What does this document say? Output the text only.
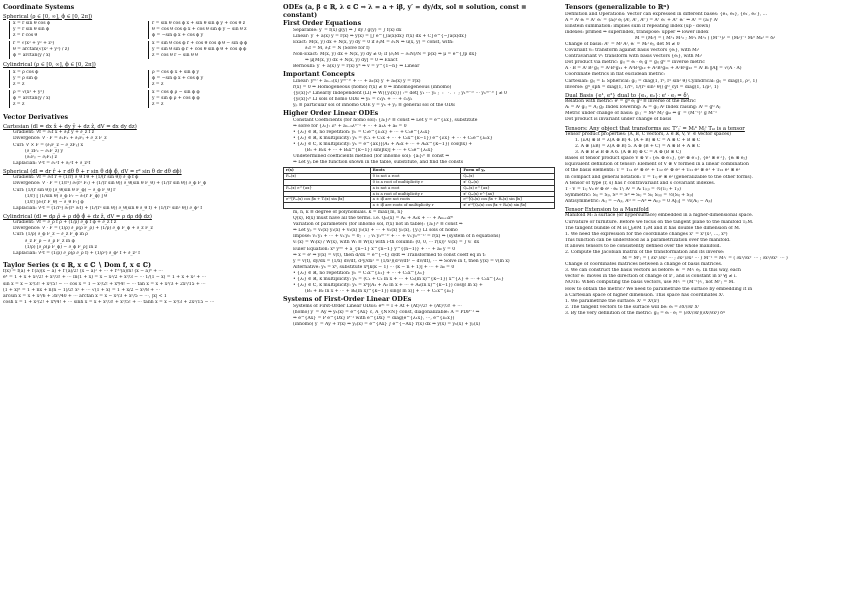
Coordinate Systems
Spherical (ρ ∈ [0, ∞], ϕ ∈ [0, 2π])
x = r sin θ cos ϕ
y = r sin θ sin ϕ
z = r cos θ
r̂ = sin θ cos ϕ x̂ + sin θ sin ϕ ŷ + cos θ ẑ
θ̂ = cos θ cos ϕ x̂ + cos θ sin ϕ ŷ − sin θ ẑ
ϕ̂ = −sin ϕ x̂ + cos ϕ ŷ
r = √(x² + y² + z²)
θ = arctan(√(x² + y²) / z)
ϕ = arctan(y / x)
x̂ = sin θ cos ϕ r̂ + cos θ cos ϕ θ̂ − sin ϕ ϕ̂
ŷ = sin θ sin ϕ r̂ + cos θ sin ϕ θ̂ + cos ϕ ϕ̂
ẑ = cos θ r̂ − sin θ θ̂
Cylindrical (ρ ∈ [0, ∞], ϕ ∈ [0, 2π])
x = ρ cos ϕ
y = ρ sin ϕ
z = z
ρ̂ = cos ϕ x̂ + sin ϕ ŷ
ϕ̂ = −sin ϕ x̂ + cos ϕ ŷ
ẑ = ẑ
ρ = √(x² + y²)
ϕ = arctan(y / x)
z = z
x̂ = cos ϕ ρ̂ − sin ϕ ϕ̂
ŷ = sin ϕ ρ̂ + cos ϕ ϕ̂
ẑ = ẑ
Vector Derivatives
Cartesian (dl = dx x̂ + dy ŷ + dz ẑ, dV = dx dy dz)
Gradient: ∇f = ∂ₓf x̂ + ∂ᵧf ŷ + ∂_z f ẑ
Divergence: ∇ · F = ∂ₓFₓ + ∂ᵧFᵧ + ∂_z F_z
Curl: ∇ × F = (∂ᵧF_z − ∂_zFᵧ) x̂
(∂_zFₓ − ∂ₓF_z) ŷ
(∂ₓFᵧ − ∂ᵧFₓ) ẑ
Laplacian: ∇²f = ∂ₓ²f + ∂ᵧ²f + ∂_z²f
Spherical (dl = dr r̂ + r dθ θ̂ + r sin θ dϕ ϕ̂, dV = r² sin θ dr dθ dϕ)
Gradient: ∇f = ∂ᵣf r̂ + (1/r) ∂_θ f θ̂ + (1/(r sin θ)) ∂_ϕ f ϕ̂
Divergence: ∇ · F = (1/r²) ∂ᵣ(r² Fᵣ) + (1/(r sin θ)) ∂_θ(sin θ F_θ) + (1/(r sin θ)) ∂_ϕ F_ϕ
Curl: (1/(r sin θ)) [∂_θ(sin θ F_ϕ) − ∂_ϕ F_θ] r̂
(1/r) [ (1/sin θ) ∂_ϕ Fᵣ − ∂ᵣ(r F_ϕ) ] θ̂
(1/r) [∂ᵣ(r F_θ) − ∂_θ Fᵣ] ϕ̂
Laplacian: ∇²f = (1/r²) ∂ᵣ(r² ∂ᵣf) + (1/(r² sin θ)) ∂_θ(sin θ ∂_θ f) + (1/(r² sin² θ)) ∂_ϕ² f
Cylindrical (dl = dρ ρ̂ + ρ dϕ ϕ̂ + dz ẑ, dV = ρ dρ dϕ dz)
Gradient: ∇f = ∂_ρ f ρ̂ + (1/ρ) ∂_ϕ f ϕ̂ + ∂_z f ẑ
Divergence: ∇ · F = (1/ρ) ∂_ρ(ρ F_ρ) + (1/ρ) ∂_ϕ F_ϕ + ∂_z F_z
Curl: (1/ρ) ∂_ϕ F_z − ∂_z F_ϕ in ρ̂
∂_z F_ρ − ∂_ρ F_z in ϕ̂
(1/ρ) [∂_ρ(ρ F_ϕ) − ∂_ϕ F_ρ] in ẑ
Laplacian: ∇²f = (1/ρ) ∂_ρ(ρ ∂_ρ f) + (1/ρ²) ∂_ϕ² f + ∂_z² f
Taylor Series (x ∈ ℝ, x ∈ ℂ ∖ Dom f, x ∈ ℂ)
f(x) = f(a) + f′(a)(x − a) + f″(a)/2! (x − a)² + ⋯ + f⁽ⁿ⁾(a)/n! (x − a)ⁿ + ⋯
eˣ = 1 + x + x²/2! + x³/3! + ⋯ ln(1 + x) = x − x²/2 + x³/3 − ⋯ 1/(1 − x) = 1 + x + x² + ⋯
sin x = x − x³/3! + x⁵/5! − ⋯ cos x = 1 − x²/2! + x⁴/4! − ⋯ tan x = x + x³/3 + 2x⁵/15 + ⋯
(1 + x)ⁿ = 1 + nx + n(n − 1)/2! x² + ⋯ √(1 + x) = 1 + x/2 − x²/8 + ⋯
arcsin x = x + x³/6 + 3x⁵/40 + ⋯ arctan x = x − x³/3 + x⁵/5 − ⋯, |x| < 1
cosh x = 1 + x²/2! + x⁴/4! + ⋯ sinh x = x + x³/3! + x⁵/5! + ⋯ tanh x = x − x³/3 + 2x⁵/15 − ⋯
ODEs (a, β ∈ ℝ, λ ∈ ℂ ⇒ λ = a + iβ, y′ = dy/dx, sol ≡ solution, const ≡ constant)
First Order Equations
Separable: y′ = f(x) g(y) ⇒ ∫ dy / g(y) = ∫ f(x) dx
Linear: y′ + a(x) y = r(x) ⇒ y(x) = [∫ e^{∫a(x)dx} r(x) dx + C] e^{−∫a(x)dx}
Exact: M(x, y) dx + N(x, y) dy = 0 if ∂ᵧM = ∂ₓN ⇒ u(x, y) = const, with:
∂ₓf = M, ∂ᵧf = N (Solve for f)
Non-Exact: M(x, y) dx + N(x, y) dy ≠ 0; if (∂ᵧM − ∂ₓN)/N = p(x) ⇒ μ = e^{∫p dx}
⇒ μ[M(x, y) dx + N(x, y) dy] = 0 ⇒ Exact
Bernoulli: y′ + a(x) y = r(x) yⁿ ⇒ v = y^{1−n} ⇒ Linear
Important Concepts
Linear: y⁽ⁿ⁾ + aₙ₋₁(x) y⁽ⁿ⁻¹⁾ + ⋯ + a₁(x) y′ + a₀(x) y = r(x)
r(x) = 0 ⇒ Homogeneous (homo) r(x) ≠ 0 ⇒ Inhomogeneous (inhomo)
{yᵢ(x)}ᵢⁿ Linearly Independent (LI) ⇔ W({yᵢ(x)}) := det[ y₁ ⋯ yₙ ; ⋮ ⋱ ⋮ ; y₁⁽ⁿ⁻¹⁾ ⋯ yₙ⁽ⁿ⁻¹⁾ ] ≠ 0
{yᵢ(x)}ᵢⁿ LI sols of homo ODE ⇒ yₕ = c₁y₁ + ⋯ + cₙyₙ
yₚ ≡ particular sol of inhomo ODE y = yₕ + yₚ ≡ general sol of the ODE
Higher Order Linear ODEs
Constant Coefficients (for homo sol): {aᵢ}ᵢⁿ ≡ const ⇒ Let y = e^{λx}, substitute
⇒ solve for {λᵢ}: λⁿ + aₙ₋₁λⁿ⁻¹ + ⋯ + a₁λ + a₀ = 0
• {λᵢ} ∈ ℝ, no repetition: yₕ = C₁e^{λ₁x} + ⋯ + Cₙe^{λₙx}
• {λᵢ} ∈ ℝ, k multiplicity: yₕ = (C₁ + C₂x + ⋯ + Cₖx^{k−1}) e^{λx} + ⋯ + Cₙe^{λₙx}
• {λᵢ} ∈ ℂ, k multiplicity: yₕ = e^{ax}[(A₁ + A₂x + ⋯ + Aₖx^{k−1}) cos(βx) +
(B₁ + B₂x + ⋯ + Bₖx^{k−1}) sin(βx)] + ⋯ + Cₙe^{λₙx}
Undetermined coefficients method (for inhomo sol): {aᵢ}ᵢⁿ ≡ const ⇒
⇒ Let yₚ be the function shown in the table, substitute, and find the consts
r(x)	Roots	Form of yₚ
Pₘ(x)	0 is not a root	Qₘ(x)
	0 is a root of multiplicity r	xʳ Qₘ(x)
Pₘ(x) e^{ax}	a is not a root	Qₘ(x) e^{ax}
	a is a root of multiplicity r	xʳ Qₘ(x) e^{ax}
eᵃˣ[Pₘ(x) cos βx + Tₗ(x) sin βx]	a ± iβ are not roots	eᵃˣ[Qₖ(x) cos βx + Rₖ(x) sin βx]
	a ± iβ are roots of multiplicity r	xʳ eᵃˣ[Qₖ(x) cos βx + Rₖ(x) sin βx]
m, n, k ≡ degree of polynomials. k = max{m, n}
Q(x), R(x) must have all the terms. i.e. Qₘ(x) = A₁ + A₂x + ⋯ + Aₘ₊₁xᵐ
Variation of parameters (for inhomo sol, r(x) not in table): {aᵢ}ᵢⁿ ≡ const ⇒
⇒ Let yₚ = v₁(x) y₁(x) + v₂(x) y₂(x) + ⋯ + vₙ(x) yₙ(x), {yᵢ} LI sols of homo
Impose: v₁′y₁ + ⋯ + vₙ′yₙ = 0; ⋮ ; v₁′y₁⁽ⁿ⁻¹⁾ + ⋯ + vₙ′yₙ⁽ⁿ⁻¹⁾ = r(x) ⇒ (system of n equations)
vᵢ′(x) = Wᵢ(x) / W(x), with Wᵢ ≡ W(x) with i-th column: (0, 0, ⋯ r(x))ᵀ vᵢ(x) = ∫ vᵢ′ dx
Euler Equation: xⁿ y⁽ⁿ⁾ + a_{n−1} x^{n−1} y^{(n−1)} + ⋯ + a₀ y = 0
⇒ x = eᵗ ⇒ y(x) = v(t), then d/dx = e^{−t} d/dt ⇒ Transformed to const coeff eq in t:
y = v(t), dy/dx = (1/x) dv/dt, d²y/dx² = (1/x²)(d²v/dt² − dv/dt), ⋯ ⇒ Solve in t, then y(x) = v(ln x)
Alternative: yₕ = xᵏ, substitute xᵏ[k(k − 1) ⋯ (k − n + 1)] + ⋯ + a₀ = 0
• {λᵢ} ∈ ℝ, no repetition: yₕ = C₁x^{λ₁} + ⋯ + Cₙx^{λₙ}
• {λᵢ} ∈ ℝ, k multiplicity: yₕ = (C₁ + C₂ ln x + ⋯ + Cₖ(ln x)^{k−1}) x^{λ} + ⋯ + Cₙx^{λₙ}
• {λᵢ} ∈ ℂ, k multiplicity: yₕ = xᵃ[(A₁ + A₂ ln x + ⋯ + Aₖ(ln x)^{k−1}) cos(β ln x) +
(B₁ + B₂ ln x + ⋯ + Bₖ(ln x)^{k−1}) sin(β ln x)] + ⋯ + Cₙx^{λₙ}
Systems of First-Order Linear ODEs
Systems of First-Order Linear ODEs: eᴬᵗ = I + At + (At)²/2! + (At)³/3! + ⋯
(homo) ẏ′ = Aẏ ⇒ ẏₕ(x) = e^{Ax} c, A_{N×N} const, diagonalizable: A = PDP⁻¹ ⇒
⇒ e^{Ax} = P e^{Dx} P⁻¹ with e^{Dx} = diag(e^{λ₁x}, ⋯, e^{λₙx})
(inhomo) ẏ′ = Aẏ + r(x) ⇒ ẏₚ(x) = e^{Ax} ∫ e^{−Ax} r(x) dx ⇒ ẏ(x) = ẏₕ(x) + ẏₚ(x)
Tensors (generalizable to ℝⁿ)
Definition and Operations: Vector can expressed in different bases: {e₁, e₂}, {e₁′, e₂′}, …
A = Aⁱ eᵢ = Aⁱ′ eᵢ′ = (aᵢ)ʲ eⱼ (Aⁱ, Aⁱ′, Aⁱ″) = Aⁱ′ eᵢ′ + Aⁱ″ eᵢ″ ⇒ Aⁱ′ = (aᵢ′)ⁱ Aⁱ
Einstein summation: implies sum if repeating index (up - down)
indexes: primed ⇒ superindex, transpose: upper ⇒ lower index
M = (Mᵢʲ) = ( M¹₁ M¹₂ ; M²₁ M²₂ ) (M⁻¹)ᵢʲ = (Mᵢʲ)⁻¹ Mᵢᵏ Mₖʲ = δᵢʲ
Change of basis: Aⁱ′ = Mʲ Aʲ, eᵢ′ = Mᵢʲ eⱼ, det M ≠ 0
Covariant vᵢ: transform against basis vectors {eᵢ}, with Mᵢʲ
Contravariant vⁱ: transform with basis vectors {eᵢ}, with Mᵢʲ
Dot product via metric: gᵢⱼ = eᵢ · eⱼ g = gᵢⱼ gⁱʲ = inverse metric
A · B = Aⁱ Bʲ gᵢⱼ = A¹B¹g₁₁ + A¹B²g₁₂ + A²B¹g₂₁ + A²B²g₂₂ = Aⁱ Bᵢ ‖A‖ = √(A · A)
Coordinate metrics in flat euclidean metric:
Cartesian: gᵢⱼ = Iₙ Spherical: gᵢⱼ = diag(1, r², r² sin² θ) Cylindrical: gᵢⱼ = diag(1, ρ², 1)
Inverse: gⁱʲ_sph = diag(1, 1/r², 1/(r² sin² θ)) gⁱʲ_cyl = diag(1, 1/ρ², 1)
Dual Basis {e¹, e²} dual to {e₁, e₂}: eⁱ · eⱼ = δⁱⱼ
Relation with metric: eⁱ = gⁱʲ eⱼ gⁱʲ ≡ inverse of the metric
Aᵢ = Aʲ gᵢⱼ = Aⱼ gⱼᵢ Index lowering: Aᵢ = gᵢⱼ Aʲ Index raising: Aⁱ = gⁱʲ Aⱼ
Metric under change of basis: gᵢ′ⱼ′ = Mᵢᵏ Mⱼˡ gₖₗ ⇔ g′ = (M⁻¹)ᵀ g M⁻¹
Dot product is invariant under change of basis
Tensors: Any object that transforms as: Tⁱ′ⱼ′ = Mᵢᵏ Mⱼˡ Tₖₗ is a tensor
Tensor product properties: (A, B, C vectors, λ ∈ ℝ, V, V′ ∈ Vector spaces)
1. (λA) ⊗ B = λ(A ⊗ B) 4. (A + B) ⊗ C = A ⊗ C + B ⊗ C
2. A ⊗ (λB) = λ(A ⊗ B) 5. A ⊗ (B + C) = A ⊗ B + A ⊗ C
3. A ⊗ B ≠ B ⊗ A 6. (A ⊗ B) ⊗ C = A ⊗ (B ⊗ C)
Bases of tensor product space V ⊗ V′: {e₁ ⊗ e′₁}, {e¹ ⊗ e′₁}, {e¹ ⊗ e′²}, {eᵢ ⊗ eⱼ}
Equivalent definition of tensor: Element of V ⊗ V formed in a linear combination
of the basis elements: T = T₁₁ e¹ ⊗ e¹ + T₁₂ e¹ ⊗ e² + T₂₁ e² ⊗ e¹ + T₂₂ e² ⊗ e²
In compact and general notation: T = Tᵢⱼ eⁱ ⊗ eʲ (generalizable to the other forms).
A tensor of type (r, s) has r contravariant and s covariant indexes.
T · V = Tᵢⱼ Vₖ eⁱ ⊗ eʲ · eₖ Tⁱⱼ Aʲ = Aᵢ T₍ᵢⱼ₎ = ½(Tᵢⱼ + Tⱼᵢ)
Symmetric: Sᵢⱼ = Sⱼᵢ, Sⁱʲ = Sʲⁱ ⇒ Sᵢⱼ = Sᵢⱼ S₍ᵢⱼ₎ = ½(Sᵢⱼ + Sⱼᵢ)
Antisymmetric: Aᵢⱼ = −Aⱼᵢ, Aⁱʲ = −Aʲⁱ ⇒ A₍ᵢⱼ₎ = 0 A[ᵢⱼ] = ½(Aᵢⱼ − Aⱼᵢ)
Tensor Extension to a Manifold
Manifold M: a surface (or hypersurface) embedded in a higher-dimensional space.
Curvature or furniture. Before we focus on the tangent plane to the manifold TₚM.
The tangent bundle of M is ⋃ₚ∈M TₚM and it has double the dimension of M.
1. We need the expression for the coordinate changes xⁱ′ = xⁱ′(x¹, …, xⁿ)
This function can be understood as a parametrization over the manifold.
It allows tensors to be consistently defined over the whole manifold.
2. Compute the Jacobian matrix of the transformation and its inverse:
M = Mⁱ′ⱼ = ( ∂x¹′/∂x¹ ⋯ ; ∂x²′/∂x¹ ⋯ ) M⁻¹ = Mʲᵢ′ = ( ∂x¹/∂x¹′ ⋯ ; ∂x²/∂x¹′ ⋯ )
Change of coordinates matrices between a change of basis matrices.
3. We can construct the basis vectors as before: eᵢ′ = Mʲᵢ′ eⱼ. In this way, each
vector eᵢ′ moves in the direction of change of xⁱ′, and is constant in xʲ ∀j ≠ i.
NOTE: When computing the basis vectors, use Mʲᵢ′ = (M⁻¹)ʲᵢ′, not Mⁱ′ⱼ = M.
How to obtain the metric? We need to parametrize the surface by embedding it in
a Cartesian space of higher dimension. This space has coordinates Xᴵ.
1. We parametrize the surface: Xᴵ = Xᴵ(xⁱ)
2. The tangent vectors to the surface will be: eᵢ = ∂Xᴵ/∂xⁱ Xᴵ
3. By the very definition of the metric: gᵢⱼ = eᵢ · eⱼ = (∂Xᴵ/∂xⁱ)(∂Xᴶ/∂xʲ) δᴵᴶ
